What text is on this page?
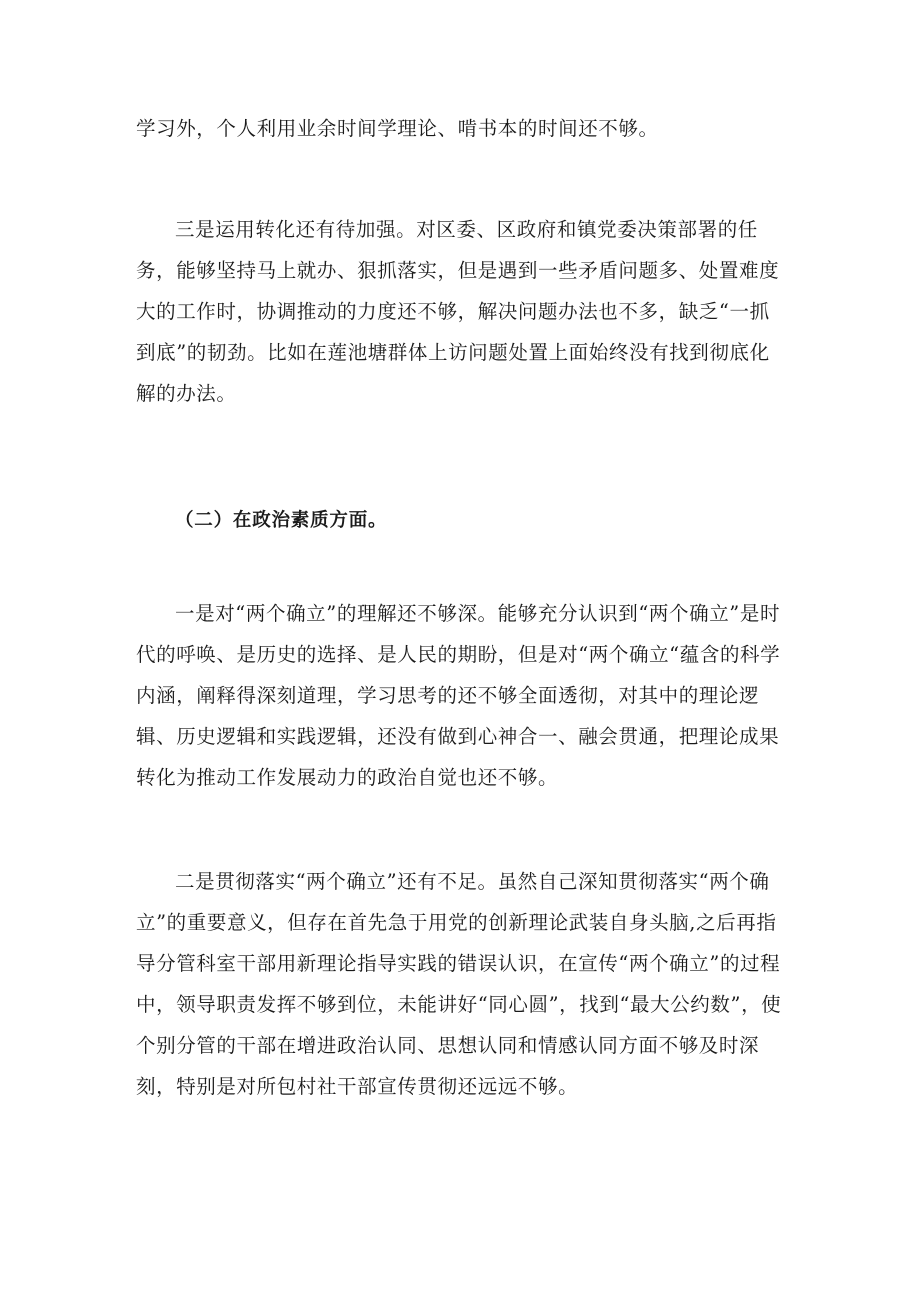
学习外，个人利用业余时间学理论、啃书本的时间还不够。

三是运用转化还有待加强。对区委、区政府和镇党委决策部署的任务，能够坚持马上就办、狠抓落实，但是遇到一些矛盾问题多、处置难度大的工作时，协调推动的力度还不够，解决问题办法也不多，缺乏“一抓到底”的韧劲。比如在莲池塘群体上访问题处置上面始终没有找到彻底化解的办法。

（二）在政治素质方面。

一是对“两个确立”的理解还不够深。能够充分认识到“两个确立”是时代的呼唤、是历史的选择、是人民的期盼，但是对“两个确立“蕴含的科学内涵，阐释得深刻道理，学习思考的还不够全面透彻，对其中的理论逻辑、历史逻辑和实践逻辑，还没有做到心神合一、融会贯通，把理论成果转化为推动工作发展动力的政治自觉也还不够。

二是贯彻落实“两个确立”还有不足。虽然自己深知贯彻落实“两个确立”的重要意义，但存在首先急于用党的创新理论武装自身头脑,之后再指导分管科室干部用新理论指导实践的错误认识，在宣传“两个确立”的过程中，领导职责发挥不够到位，未能讲好“同心圆”，找到“最大公约数”，使个别分管的干部在增进政治认同、思想认同和情感认同方面不够及时深刻，特别是对所包村社干部宣传贯彻还远远不够。
